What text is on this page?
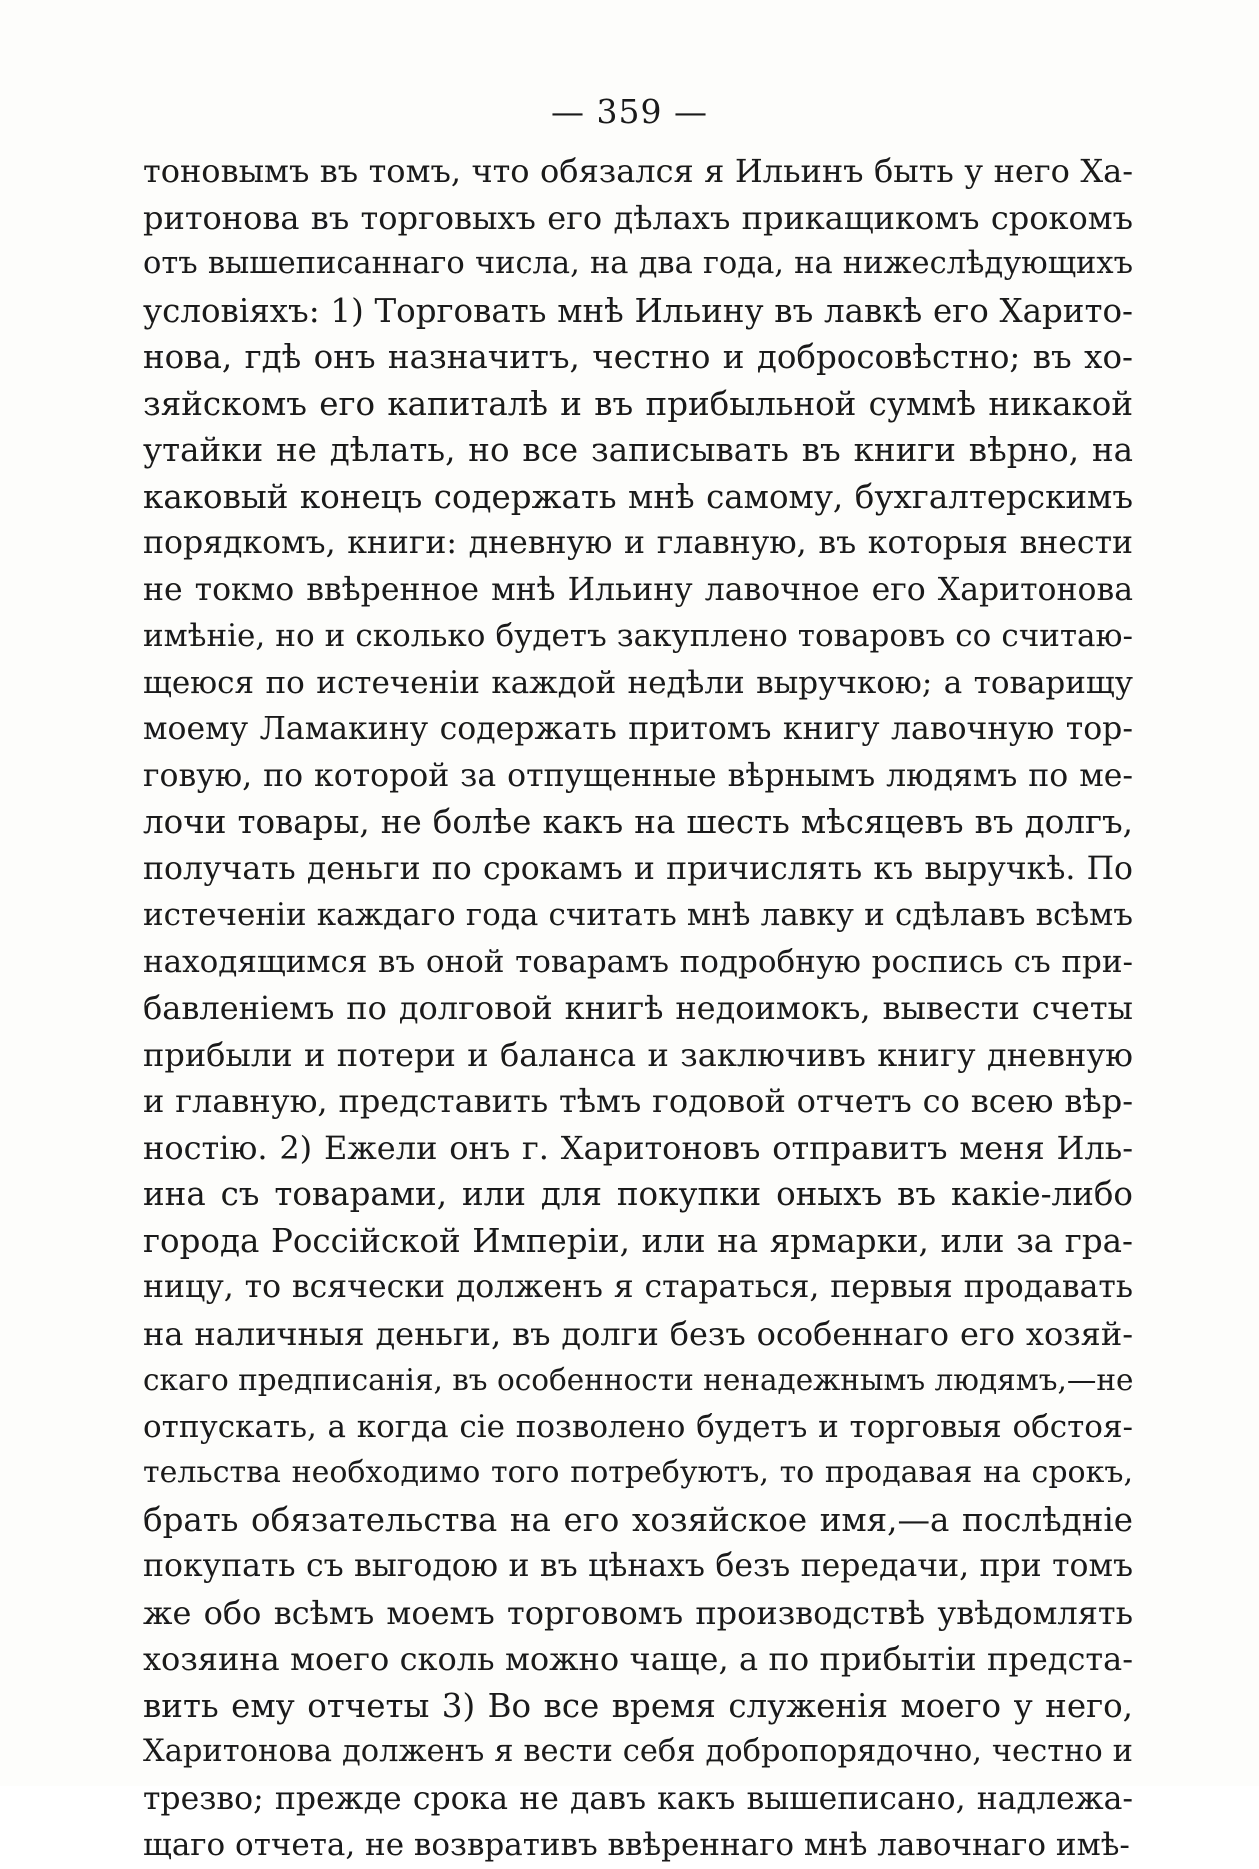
— 359 —
тоновымъ въ томъ, что обязался я Ильинъ быть у него Ха-
ритонова въ торговыхъ его дѣлахъ прикащикомъ срокомъ
отъ вышеписаннаго числа, на два года, на нижеслѣдующихъ
условіяхъ: 1) Торговать мнѣ Ильину въ лавкѣ его Харито-
нова, гдѣ онъ назначитъ, честно и добросовѣстно; въ хо-
зяйскомъ его капиталѣ и въ прибыльной суммѣ никакой
утайки не дѣлать, но все записывать въ книги вѣрно, на
каковый конецъ содержать мнѣ самому, бухгалтерскимъ
порядкомъ, книги: дневную и главную, въ которыя внести
не токмо ввѣренное мнѣ Ильину лавочное его Харитонова
имѣніе, но и сколько будетъ закуплено товаровъ со считаю-
щеюся по истеченіи каждой недѣли выручкою; а товарищу
моему Ламакину содержать притомъ книгу лавочную тор-
говую, по которой за отпущенные вѣрнымъ людямъ по ме-
лочи товары, не болѣе какъ на шесть мѣсяцевъ въ долгъ,
получать деньги по срокамъ и причислять къ выручкѣ. По
истеченіи каждаго года считать мнѣ лавку и сдѣлавъ всѣмъ
находящимся въ оной товарамъ подробную роспись съ при-
бавленіемъ по долговой книгѣ недоимокъ, вывести счеты
прибыли и потери и баланса и заключивъ книгу дневную
и главную, представить тѣмъ годовой отчетъ со всею вѣр-
ностію. 2) Ежели онъ г. Харитоновъ отправитъ меня Иль-
ина съ товарами, или для покупки оныхъ въ какіе-либо
города Россійской Имперіи, или на ярмарки, или за гра-
ницу, то всячески долженъ я стараться, первыя продавать
на наличныя деньги, въ долги безъ особеннаго его хозяй-
скаго предписанія, въ особенности ненадежнымъ людямъ,—не
отпускать, а когда сіе позволено будетъ и торговыя обстоя-
тельства необходимо того потребуютъ, то продавая на срокъ,
брать обязательства на его хозяйское имя,—а послѣдніе
покупать съ выгодою и въ цѣнахъ безъ передачи, при томъ
же обо всѣмъ моемъ торговомъ производствѣ увѣдомлять
хозяина моего сколь можно чаще, а по прибытіи предста-
вить ему отчеты 3) Во все время служенія моего у него,
Харитонова долженъ я вести себя добропорядочно, честно и
трезво; прежде срока не давъ какъ вышеписано, надлежа-
щаго отчета, не возвративъ ввѣреннаго мнѣ лавочнаго имѣ-
